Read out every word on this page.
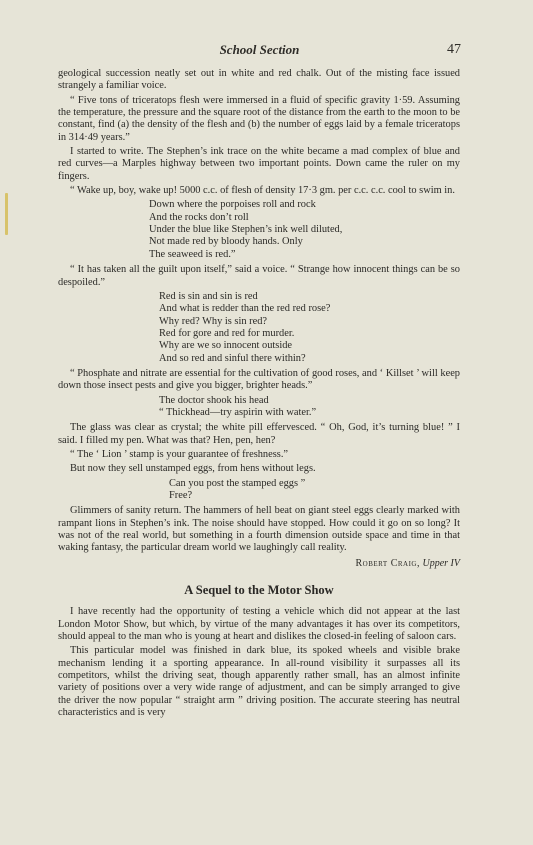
School Section	47

geological succession neatly set out in white and red chalk. Out of the misting face issued strangely a familiar voice.

“ Five tons of triceratops flesh were immersed in a fluid of specific gravity 1·59. Assuming the temperature, the pressure and the square root of the distance from the earth to the moon to be constant, find (a) the density of the flesh and (b) the number of eggs laid by a female triceratops in 314·49 years.”

I started to write. The Stephen’s ink trace on the white became a mad complex of blue and red curves—a Marples highway between two important points. Down came the ruler on my fingers.

“ Wake up, boy, wake up! 5000 c.c. of flesh of density 17·3 gm. per c.c. c.c. cool to swim in.

Down where the porpoises roll and rock
And the rocks don’t roll
Under the blue like Stephen’s ink well diluted,
Not made red by bloody hands. Only
The seaweed is red.”

“ It has taken all the guilt upon itself,” said a voice. “ Strange how innocent things can be so despoiled.”

Red is sin and sin is red
And what is redder than the red red rose?
Why red? Why is sin red?
Red for gore and red for murder.
Why are we so innocent outside
And so red and sinful there within?

“ Phosphate and nitrate are essential for the cultivation of good roses, and ‘ Killset ’ will keep down those insect pests and give you bigger, brighter heads.”

The doctor shook his head
“ Thickhead—try aspirin with water.”

The glass was clear as crystal; the white pill effervesced. “ Oh, God, it’s turning blue! ” I said. I filled my pen. What was that? Hen, pen, hen?

“ The ‘ Lion ’ stamp is your guarantee of freshness.”

But now they sell unstamped eggs, from hens without legs.

Can you post the stamped eggs ”
Free?

Glimmers of sanity return. The hammers of hell beat on giant steel eggs clearly marked with rampant lions in Stephen’s ink. The noise should have stopped. How could it go on so long? It was not of the real world, but something in a fourth dimension outside space and time in that waking fantasy, the particular dream world we laughingly call reality.

Robert Craig, Upper IV
A Sequel to the Motor Show

I have recently had the opportunity of testing a vehicle which did not appear at the last London Motor Show, but which, by virtue of the many advantages it has over its competitors, should appeal to the man who is young at heart and dislikes the closed-in feeling of saloon cars.

This particular model was finished in dark blue, its spoked wheels and visible brake mechanism lending it a sporting appearance. In all-round visibility it surpasses all its competitors, whilst the driving seat, though apparently rather small, has an almost infinite variety of positions over a very wide range of adjustment, and can be simply arranged to give the driver the now popular “ straight arm ” driving position. The accurate steering has neutral characteristics and is very
